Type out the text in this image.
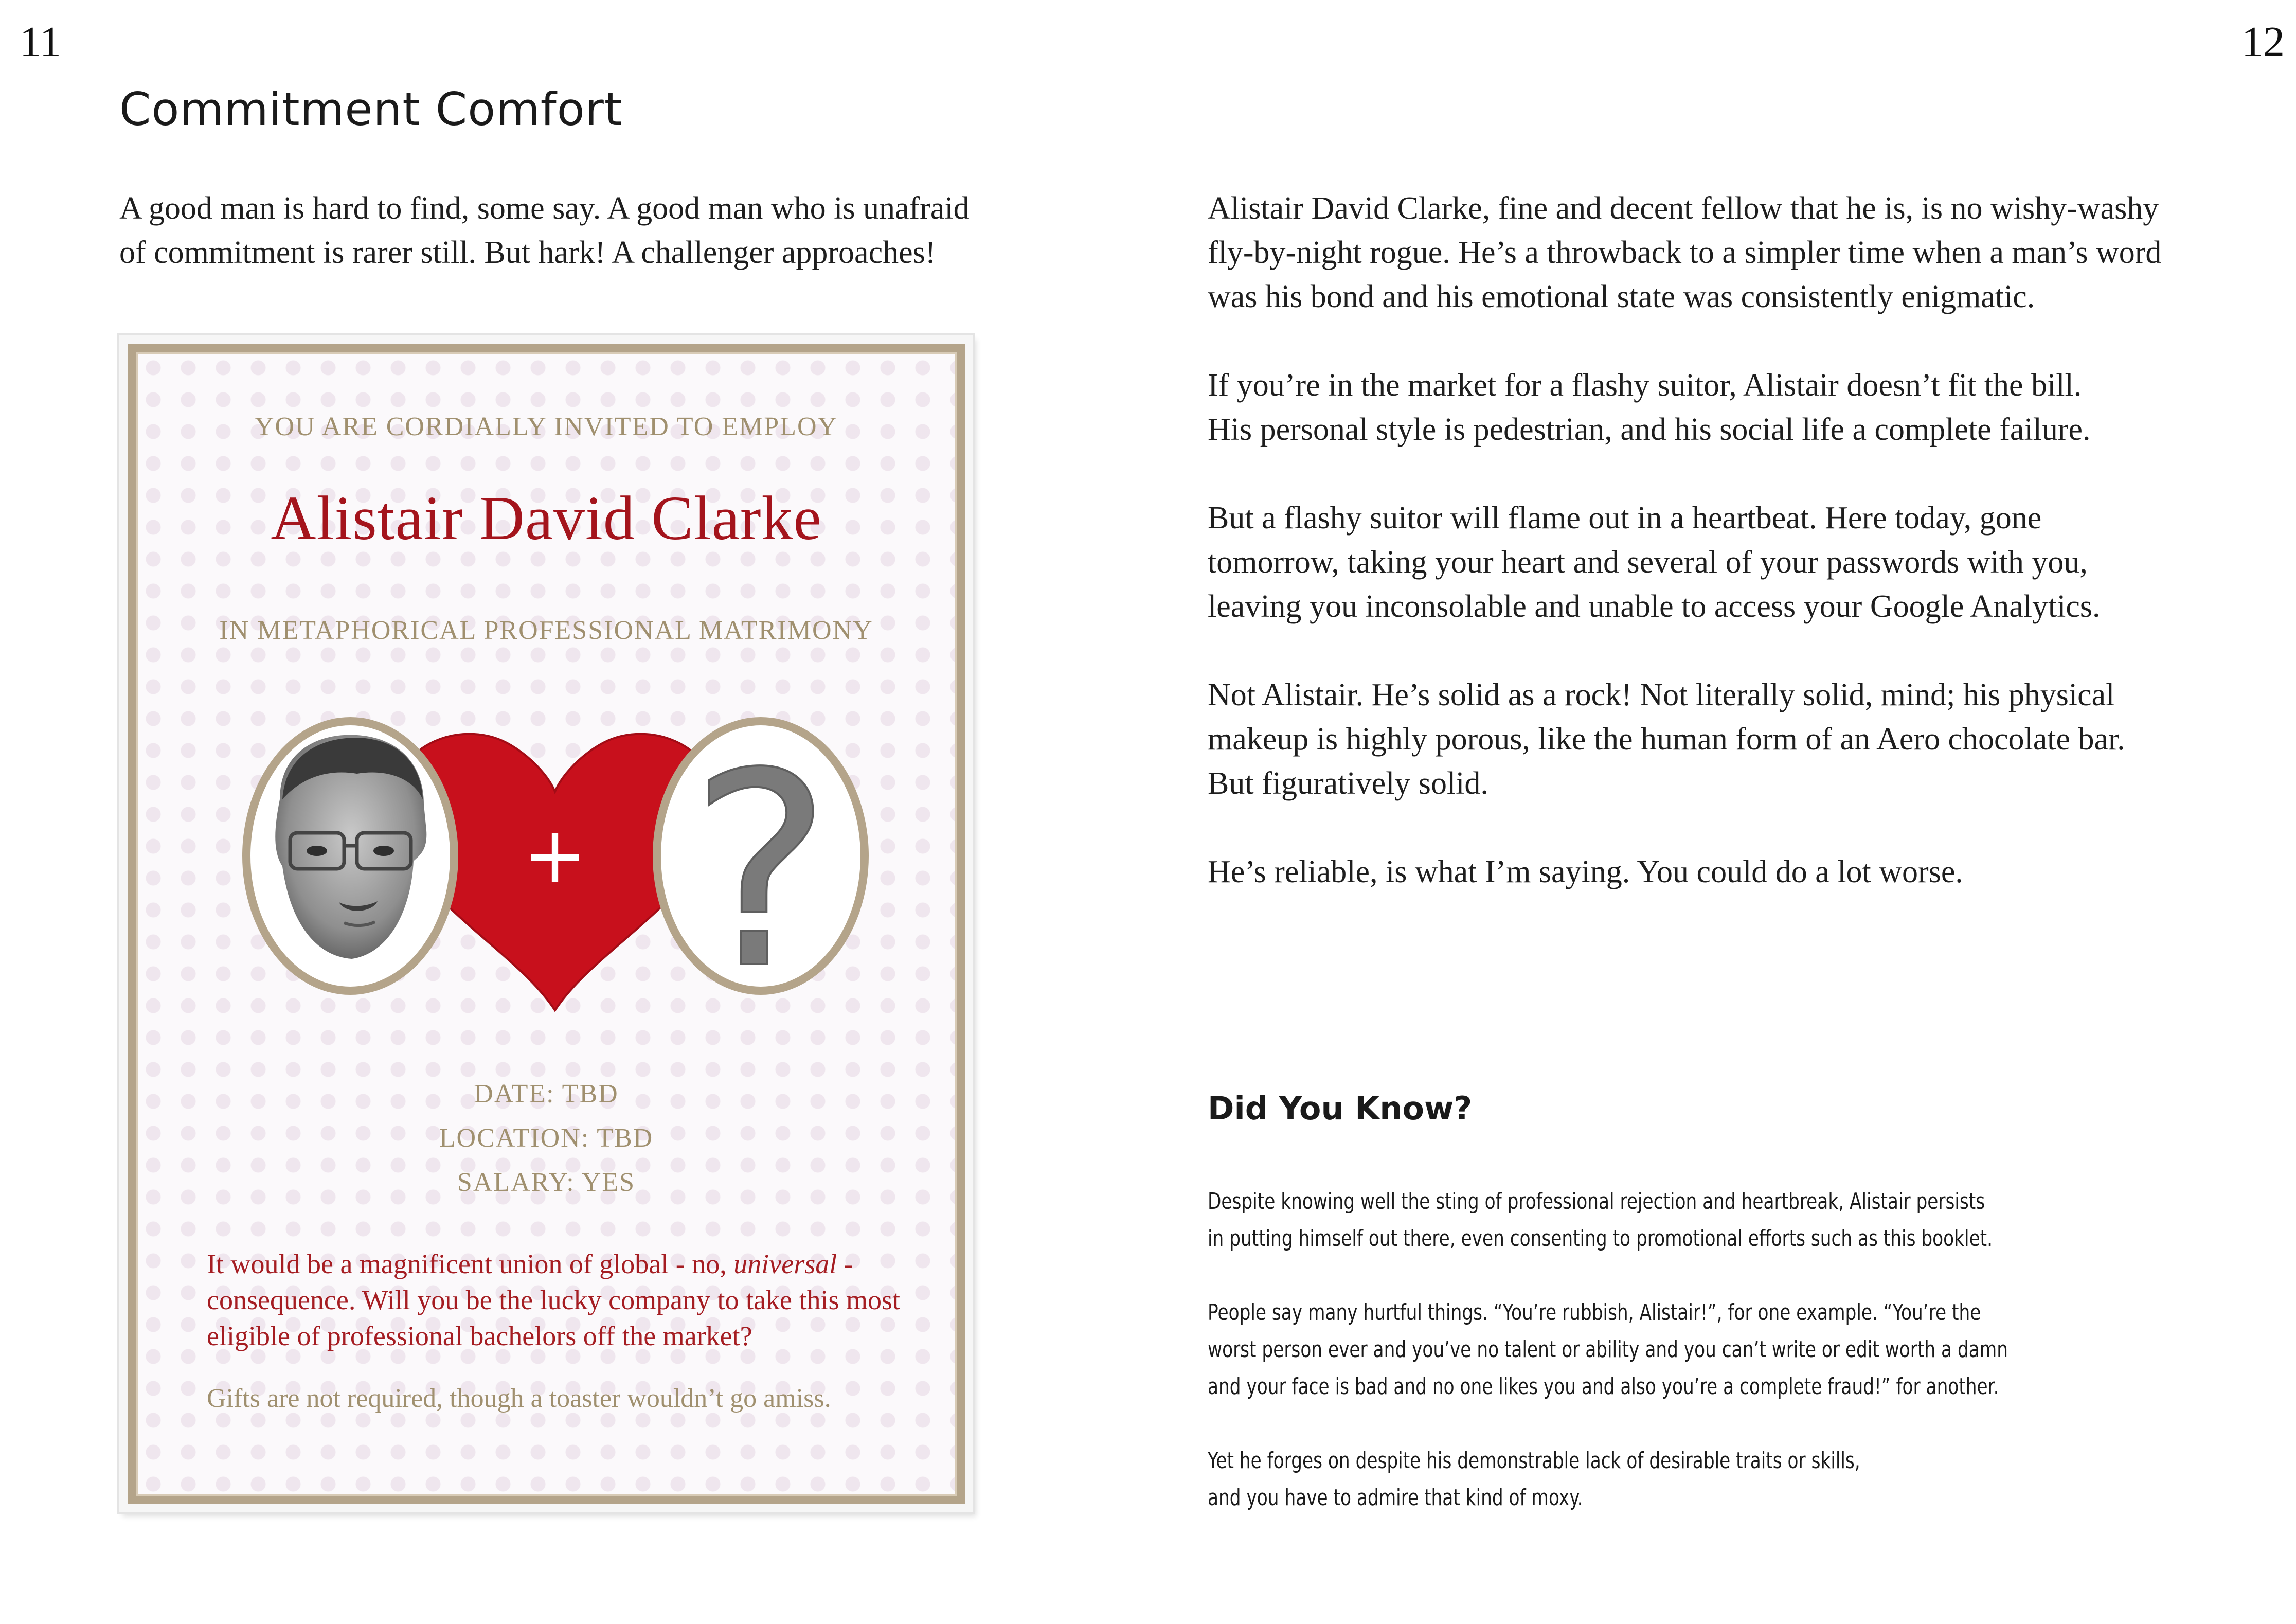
11	12
Commitment Comfort
A good man is hard to find, some say. A good man who is unafraid
of commitment is rarer still. But hark! A challenger approaches!
YOU ARE CORDIALLY INVITED TO EMPLOY
Alistair David Clarke
IN METAPHORICAL PROFESSIONAL MATRIMONY
?
+
DATE: TBD
LOCATION: TBD
SALARY: YES

It would be a magnificent union of global - no, universal - consequence. Will you be the lucky company to take this most eligible of professional bachelors off the market?

Gifts are not required, though a toaster wouldn’t go amiss.

Alistair David Clarke, fine and decent fellow that he is, is no wishy-washy
fly-by-night rogue. He’s a throwback to a simpler time when a man’s word
was his bond and his emotional state was consistently enigmatic.

If you’re in the market for a flashy suitor, Alistair doesn’t fit the bill.
His personal style is pedestrian, and his social life a complete failure.

But a flashy suitor will flame out in a heartbeat. Here today, gone
tomorrow, taking your heart and several of your passwords with you,
leaving you inconsolable and unable to access your Google Analytics.

Not Alistair. He’s solid as a rock! Not literally solid, mind; his physical
makeup is highly porous, like the human form of an Aero chocolate bar.
But figuratively solid.

He’s reliable, is what I’m saying. You could do a lot worse.

Did You Know?

Despite knowing well the sting of professional rejection and heartbreak, Alistair persists
in putting himself out there, even consenting to promotional efforts such as this booklet.

People say many hurtful things. “You’re rubbish, Alistair!”, for one example. “You’re the
worst person ever and you’ve no talent or ability and you can’t write or edit worth a damn
and your face is bad and no one likes you and also you’re a complete fraud!” for another.

Yet he forges on despite his demonstrable lack of desirable traits or skills,
and you have to admire that kind of moxy.
